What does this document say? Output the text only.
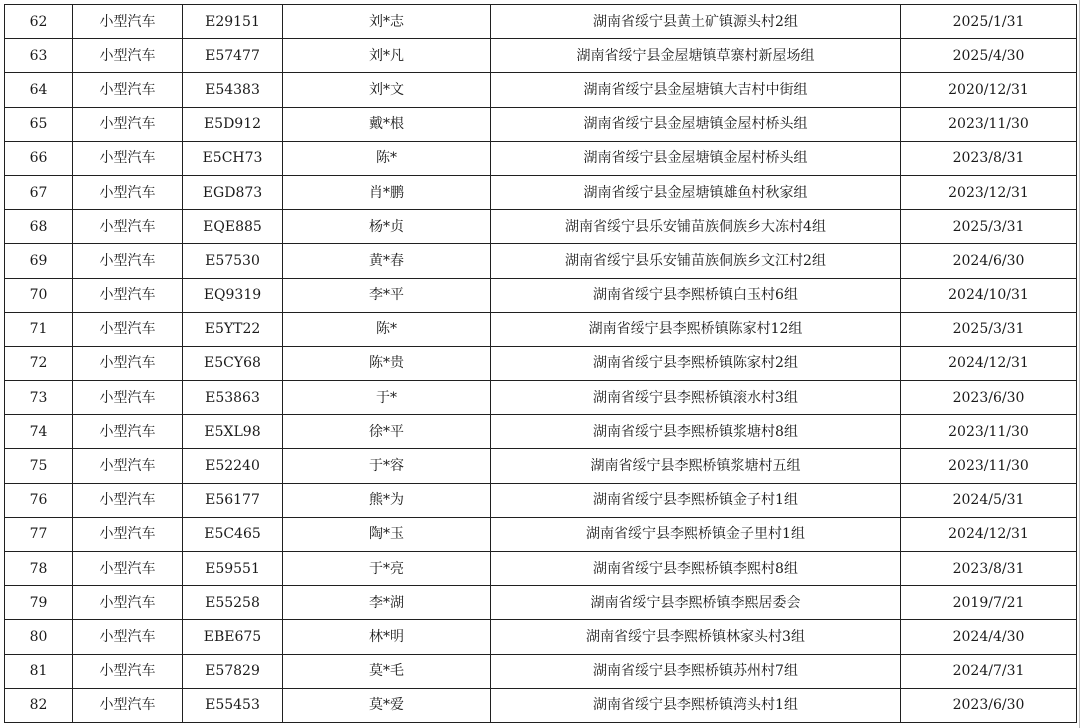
62	小型汽车	E29151	刘*志	湖南省绥宁县黄土矿镇源头村2组	2025/1/31
63	小型汽车	E57477	刘*凡	湖南省绥宁县金屋塘镇草寨村新屋场组	2025/4/30
64	小型汽车	E54383	刘*文	湖南省绥宁县金屋塘镇大吉村中街组	2020/12/31
65	小型汽车	E5D912	戴*根	湖南省绥宁县金屋塘镇金屋村桥头组	2023/11/30
66	小型汽车	E5CH73	陈*	湖南省绥宁县金屋塘镇金屋村桥头组	2023/8/31
67	小型汽车	EGD873	肖*鹏	湖南省绥宁县金屋塘镇雄鱼村秋家组	2023/12/31
68	小型汽车	EQE885	杨*贞	湖南省绥宁县乐安铺苗族侗族乡大冻村4组	2025/3/31
69	小型汽车	E57530	黄*春	湖南省绥宁县乐安铺苗族侗族乡文江村2组	2024/6/30
70	小型汽车	EQ9319	李*平	湖南省绥宁县李熙桥镇白玉村6组	2024/10/31
71	小型汽车	E5YT22	陈*	湖南省绥宁县李熙桥镇陈家村12组	2025/3/31
72	小型汽车	E5CY68	陈*贵	湖南省绥宁县李熙桥镇陈家村2组	2024/12/31
73	小型汽车	E53863	于*	湖南省绥宁县李熙桥镇滚水村3组	2023/6/30
74	小型汽车	E5XL98	徐*平	湖南省绥宁县李熙桥镇浆塘村8组	2023/11/30
75	小型汽车	E52240	于*容	湖南省绥宁县李熙桥镇浆塘村五组	2023/11/30
76	小型汽车	E56177	熊*为	湖南省绥宁县李熙桥镇金子村1组	2024/5/31
77	小型汽车	E5C465	陶*玉	湖南省绥宁县李熙桥镇金子里村1组	2024/12/31
78	小型汽车	E59551	于*亮	湖南省绥宁县李熙桥镇李熙村8组	2023/8/31
79	小型汽车	E55258	李*湖	湖南省绥宁县李熙桥镇李熙居委会	2019/7/21
80	小型汽车	EBE675	林*明	湖南省绥宁县李熙桥镇林家头村3组	2024/4/30
81	小型汽车	E57829	莫*毛	湖南省绥宁县李熙桥镇苏州村7组	2024/7/31
82	小型汽车	E55453	莫*爱	湖南省绥宁县李熙桥镇湾头村1组	2023/6/30
